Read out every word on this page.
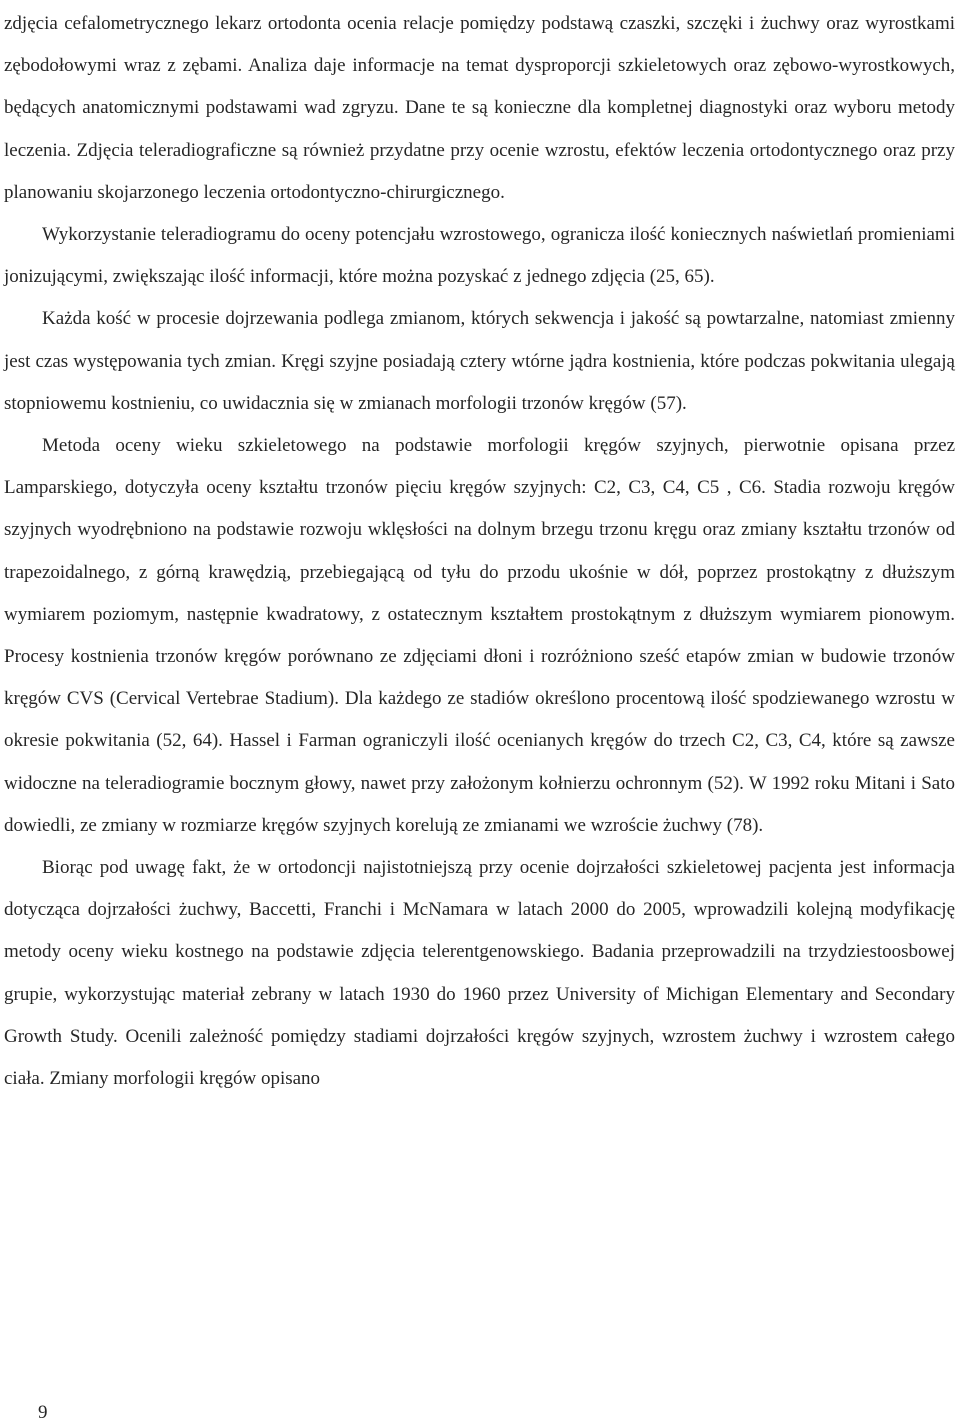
zdjęcia cefalometrycznego lekarz ortodonta ocenia relacje pomiędzy podstawą czaszki, szczęki i żuchwy oraz wyrostkami zębodołowymi wraz z zębami. Analiza daje informacje na temat dysproporcji szkieletowych oraz zębowo-wyrostkowych, będących anatomicznymi podstawami wad zgryzu. Dane te są konieczne dla kompletnej diagnostyki oraz wyboru metody leczenia. Zdjęcia teleradiograficzne są również przydatne przy ocenie wzrostu, efektów leczenia ortodontycznego oraz przy planowaniu skojarzonego leczenia ortodontyczno-chirurgicznego.

Wykorzystanie teleradiogramu do oceny potencjału wzrostowego, ogranicza ilość koniecznych naświetlań promieniami jonizującymi, zwiększając ilość informacji, które można pozyskać z jednego zdjęcia (25, 65).

Każda kość w procesie dojrzewania podlega zmianom, których sekwencja i jakość są powtarzalne, natomiast zmienny jest czas występowania tych zmian. Kręgi szyjne posiadają cztery wtórne jądra kostnienia, które podczas pokwitania ulegają stopniowemu kostnieniu, co uwidacznia się w zmianach morfologii trzonów kręgów (57).

Metoda oceny wieku szkieletowego na podstawie morfologii kręgów szyjnych, pierwotnie opisana przez Lamparskiego, dotyczyła oceny kształtu trzonów pięciu kręgów szyjnych: C2, C3, C4, C5 , C6. Stadia rozwoju kręgów szyjnych wyodrębniono na podstawie rozwoju wklęsłości na dolnym brzegu trzonu kręgu oraz zmiany kształtu trzonów od trapezoidalnego, z górną krawędzią, przebiegającą od tyłu do przodu ukośnie w dół, poprzez prostokątny z dłuższym wymiarem poziomym, następnie kwadratowy, z ostatecznym kształtem prostokątnym z dłuższym wymiarem pionowym. Procesy kostnienia trzonów kręgów porównano ze zdjęciami dłoni i rozróżniono sześć etapów zmian w budowie trzonów kręgów CVS (Cervical Vertebrae Stadium). Dla każdego ze stadiów określono procentową ilość spodziewanego wzrostu w okresie pokwitania (52, 64). Hassel i Farman ograniczyli ilość ocenianych kręgów do trzech C2, C3, C4, które są zawsze widoczne na teleradiogramie bocznym głowy, nawet przy założonym kołnierzu ochronnym (52). W 1992 roku Mitani i Sato dowiedli, ze zmiany w rozmiarze kręgów szyjnych korelują ze zmianami we wzroście żuchwy (78).

Biorąc pod uwagę fakt, że w ortodoncji najistotniejszą przy ocenie dojrzałości szkieletowej pacjenta jest informacja dotycząca dojrzałości żuchwy, Baccetti, Franchi i McNamara w latach 2000 do 2005, wprowadzili kolejną modyfikację metody oceny wieku kostnego na podstawie zdjęcia telerentgenowskiego. Badania przeprowadzili na trzydziestoosbowej grupie, wykorzystując materiał zebrany w latach 1930 do 1960 przez University of Michigan Elementary and Secondary Growth Study. Ocenili zależność pomiędzy stadiami dojrzałości kręgów szyjnych, wzrostem żuchwy i wzrostem całego ciała. Zmiany morfologii kręgów opisano

9
